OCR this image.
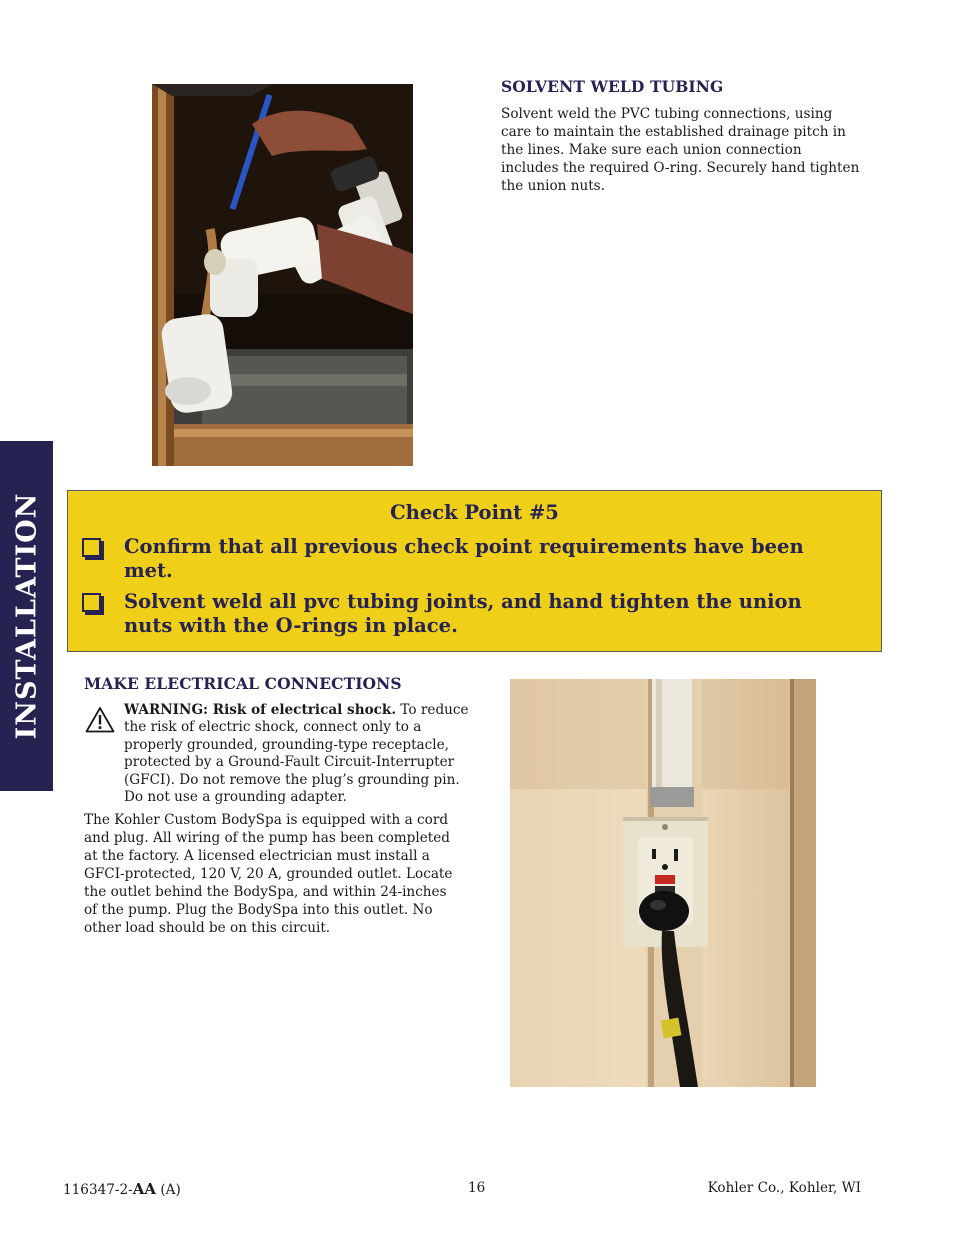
SOLVENT WELD TUBING
Solvent weld the PVC tubing connections, using care to maintain the established drainage pitch in the lines. Make sure each union connection includes the required O-ring. Securely hand tighten the union nuts.
INSTALLATION	Check Point #5
Confirm that all previous check point requirements have been met.
Solvent weld all pvc tubing joints, and hand tighten the union nuts with the O-rings in place.
MAKE ELECTRICAL CONNECTIONS
WARNING: Risk of electrical shock. To reduce the risk of electric shock, connect only to a properly grounded, grounding-type receptacle, protected by a Ground-Fault Circuit-Interrupter (GFCI). Do not remove the plug’s grounding pin. Do not use a grounding adapter.
The Kohler Custom BodySpa is equipped with a cord and plug. All wiring of the pump has been completed at the factory. A licensed electrician must install a GFCI-protected, 120 V, 20 A, grounded outlet. Locate the outlet behind the BodySpa, and within 24-inches of the pump. Plug the BodySpa into this outlet. No other load should be on this circuit.
116347-2-AA (A)	16	Kohler Co., Kohler, WI
